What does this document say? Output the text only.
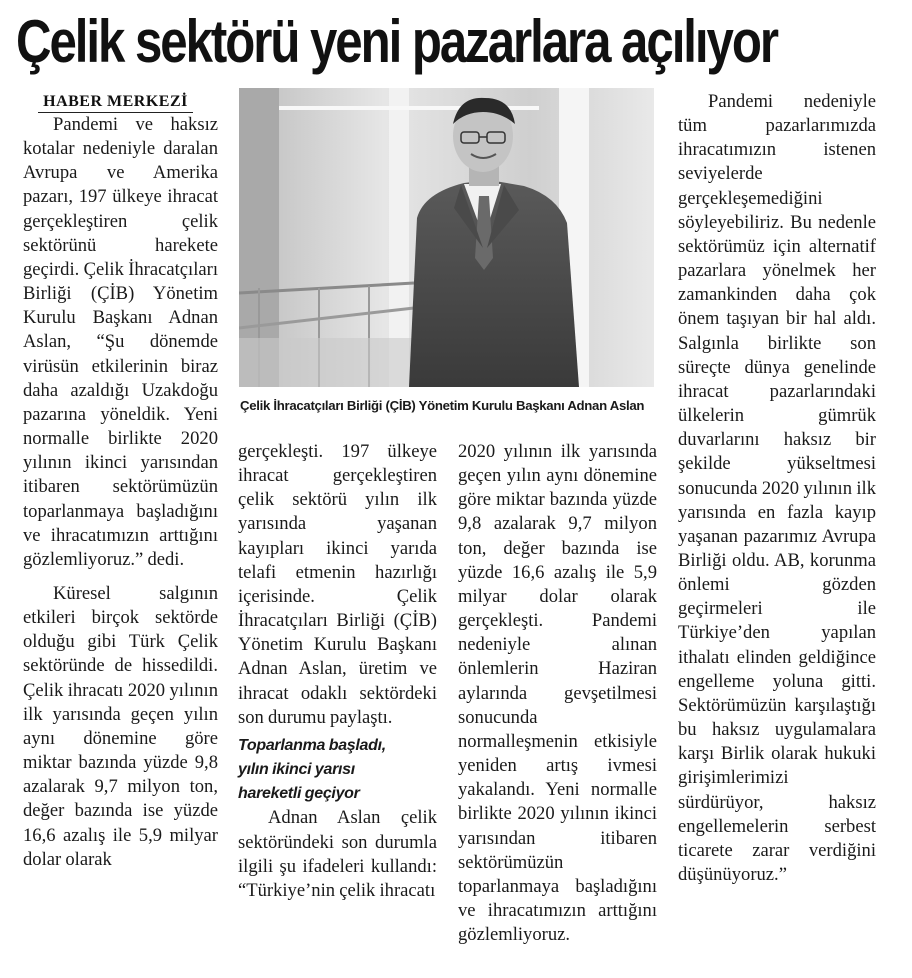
Çelik sektörü yeni pazarlara açılıyor
HABER MERKEZİ

Pandemi ve haksız kotalar nedeniyle daralan Avrupa ve Amerika pazarı, 197 ülkeye ihracat gerçekleştiren çelik sektörünü harekete geçirdi. Çelik İhracatçıları Birliği (ÇİB) Yönetim Kurulu Başkanı Adnan Aslan, “Şu dönemde virüsün etkilerinin biraz daha azaldığı Uzakdoğu pazarına yöneldik. Yeni normalle birlikte 2020 yılının ikinci yarısından itibaren sektörümüzün toparlanmaya başladığını ve ihracatımızın arttığını gözlemliyoruz.” dedi.

Küresel salgının etkileri birçok sektörde olduğu gibi Türk Çelik sektöründe de hissedildi. Çelik ihracatı 2020 yılının ilk yarısında geçen yılın aynı dönemine göre miktar bazında yüzde 9,8 azalarak 9,7 milyon ton, değer bazında ise yüzde 16,6 azalış ile 5,9 milyar dolar olarak

Çelik İhracatçıları Birliği (ÇİB) Yönetim Kurulu Başkanı Adnan Aslan

gerçekleşti. 197 ülkeye ihracat gerçekleştiren çelik sektörü yılın ilk yarısında yaşanan kayıpları ikinci yarıda telafi etmenin hazırlığı içerisinde. Çelik İhracatçıları Birliği (ÇİB) Yönetim Kurulu Başkanı Adnan Aslan, üretim ve ihracat odaklı sektördeki son durumu paylaştı.

Toparlanma başladı,
yılın ikinci yarısı
hareketli geçiyor

Adnan Aslan çelik sektöründeki son durumla ilgili şu ifadeleri kullandı: “Türkiye’nin çelik ihracatı

2020 yılının ilk yarısında geçen yılın aynı dönemine göre miktar bazında yüzde 9,8 azalarak 9,7 milyon ton, değer bazında ise yüzde 16,6 azalış ile 5,9 milyar dolar olarak gerçekleşti. Pandemi nedeniyle alınan önlemlerin Haziran aylarında gevşetilmesi sonucunda normalleşmenin etkisiyle yeniden artış ivmesi yakalandı. Yeni normalle birlikte 2020 yılının ikinci yarısından itibaren sektörümüzün toparlanmaya başladığını ve ihracatımızın arttığını gözlemliyoruz.

Pandemi nedeniyle tüm pazarlarımızda ihracatımızın istenen seviyelerde gerçekleşemediğini söyleyebiliriz. Bu nedenle sektörümüz için alternatif pazarlara yönelmek her zamankinden daha çok önem taşıyan bir hal aldı. Salgınla birlikte son süreçte dünya genelinde ihracat pazarlarındaki ülkelerin gümrük duvarlarını haksız bir şekilde yükseltmesi sonucunda 2020 yılının ilk yarısında en fazla kayıp yaşanan pazarımız Avrupa Birliği oldu. AB, korunma önlemi gözden geçirmeleri ile Türkiye’den yapılan ithalatı elinden geldiğince engelleme yoluna gitti. Sektörümüzün karşılaştığı bu haksız uygulamalara karşı Birlik olarak hukuki girişimlerimizi sürdürüyor, haksız engellemelerin serbest ticarete zarar verdiğini düşünüyoruz.”
